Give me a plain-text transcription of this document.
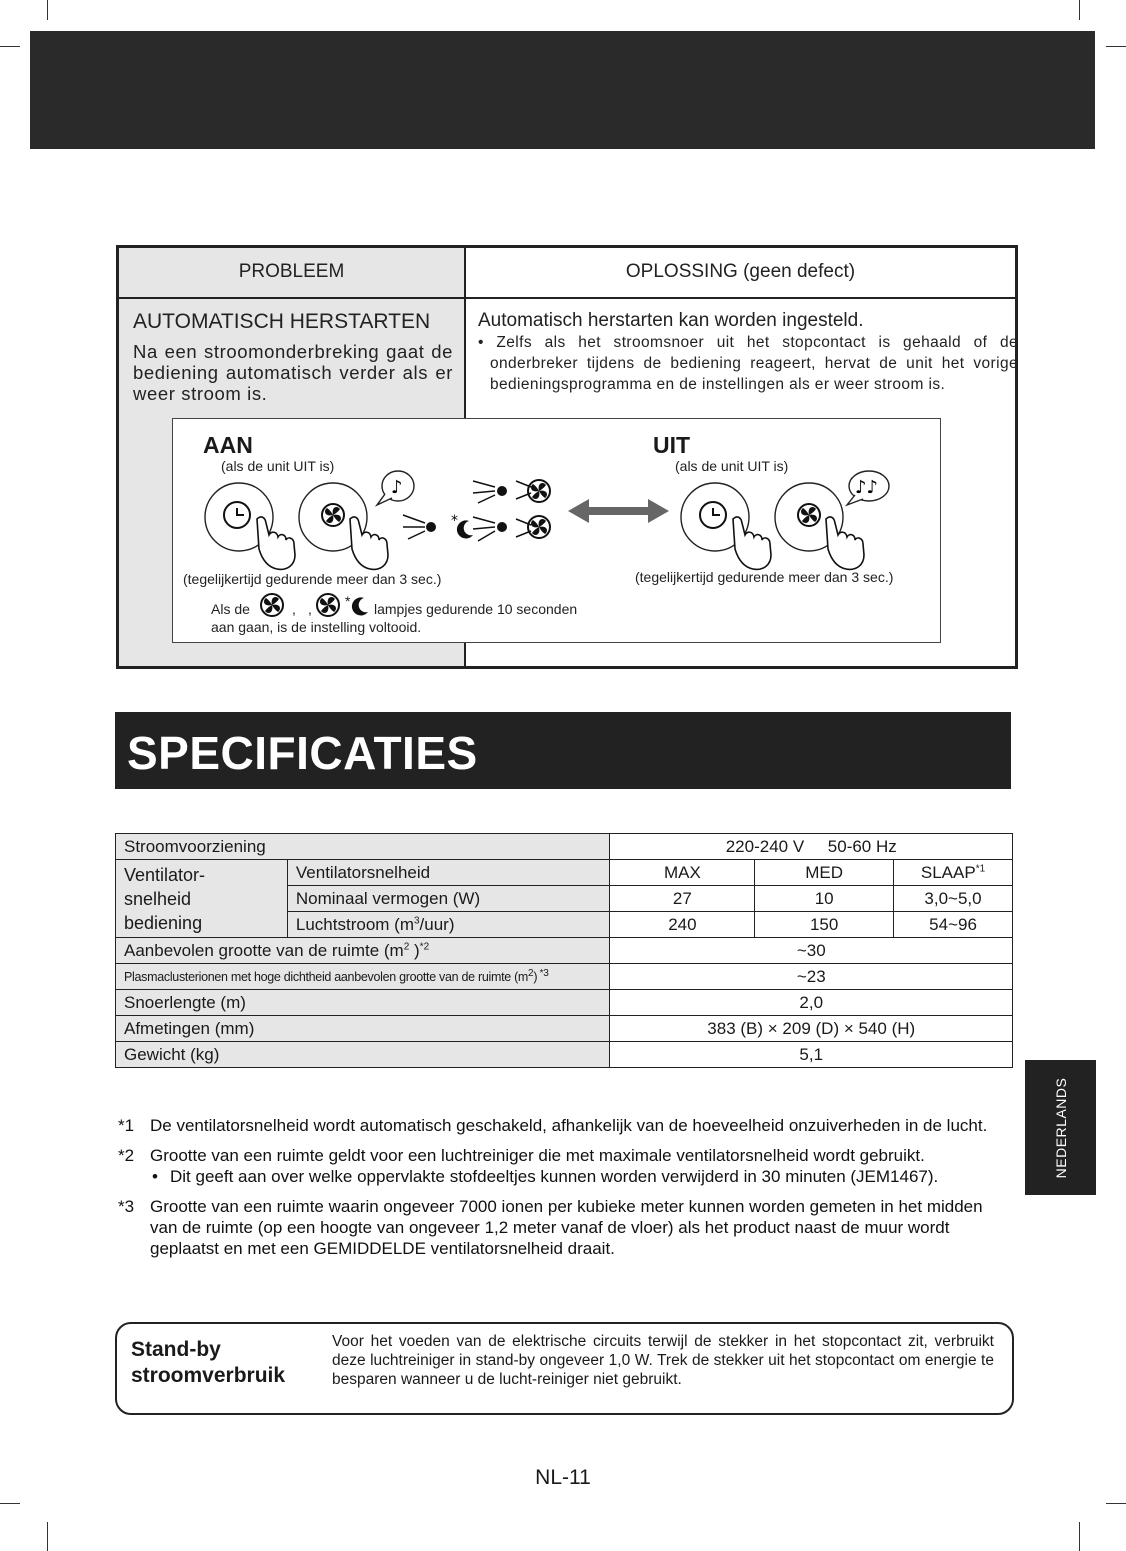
PROBLEEM	OPLOSSING (geen defect)
AUTOMATISCH HERSTARTEN
Na een stroomonderbreking gaat de bediening automatisch verder als er weer stroom is.
Automatisch herstarten kan worden ingesteld.
• Zelfs als het stroomsnoer uit het stopcontact is gehaald of de onderbreker tijdens de bediening reageert, hervat de unit het vorige bedieningsprogramma en de instellingen als er weer stroom is.
♪
*
♪♪
AAN
(als de unit UIT is)
UIT
(als de unit UIT is)
(tegelijkertijd gedurende meer dan 3 sec.)	(tegelijkertijd gedurende meer dan 3 sec.)
Als de	, , * lampjes gedurende 10 seconden
aan gaan, is de instelling voltooid.
SPECIFICATIES
Stroomvoorziening		220-240 V     50-60 Hz		
Ventilator-snelheid bediening	Ventilatorsnelheid	MAX	MED	SLAAP$^{*1}$
	Nominaal vermogen (W)	27	10	3,0~5,0
	Luchtstroom $(m^3/uur)$	240	150	54~96
Aanbevolen grootte van de ruimte ($m^2$ )$^{*2}$		~30		
Plasmaclusterionen met hoge dichtheid aanbevolen grootte van de ruimte $(m^2)$ $^{*3}$		~23		
Snoerlengte (m)		2,0		
Afmetingen (mm)		383 (B) × 209 (D) × 540 (H)		
Gewicht (kg)		5,1		
*1 De ventilatorsnelheid wordt automatisch geschakeld, afhankelijk van de hoeveelheid onzuiverheden in de lucht.
*2 Grootte van een ruimte geldt voor een luchtreiniger die met maximale ventilatorsnelheid wordt gebruikt.
• Dit geeft aan over welke oppervlakte stofdeeltjes kunnen worden verwijderd in 30 minuten (JEM1467).
*3 Grootte van een ruimte waarin ongeveer 7000 ionen per kubieke meter kunnen worden gemeten in het midden van de ruimte (op een hoogte van ongeveer 1,2 meter vanaf de vloer) als het product naast de muur wordt geplaatst en met een GEMIDDELDE ventilatorsnelheid draait.
Stand-by
stroomverbruik
Voor het voeden van de elektrische circuits terwijl de stekker in het stopcontact zit, verbruikt deze luchtreiniger in stand-by ongeveer 1,0 W. Trek de stekker uit het stopcontact om energie te besparen wanneer u de lucht-reiniger niet gebruikt.
NEDERLANDS
NL-11
